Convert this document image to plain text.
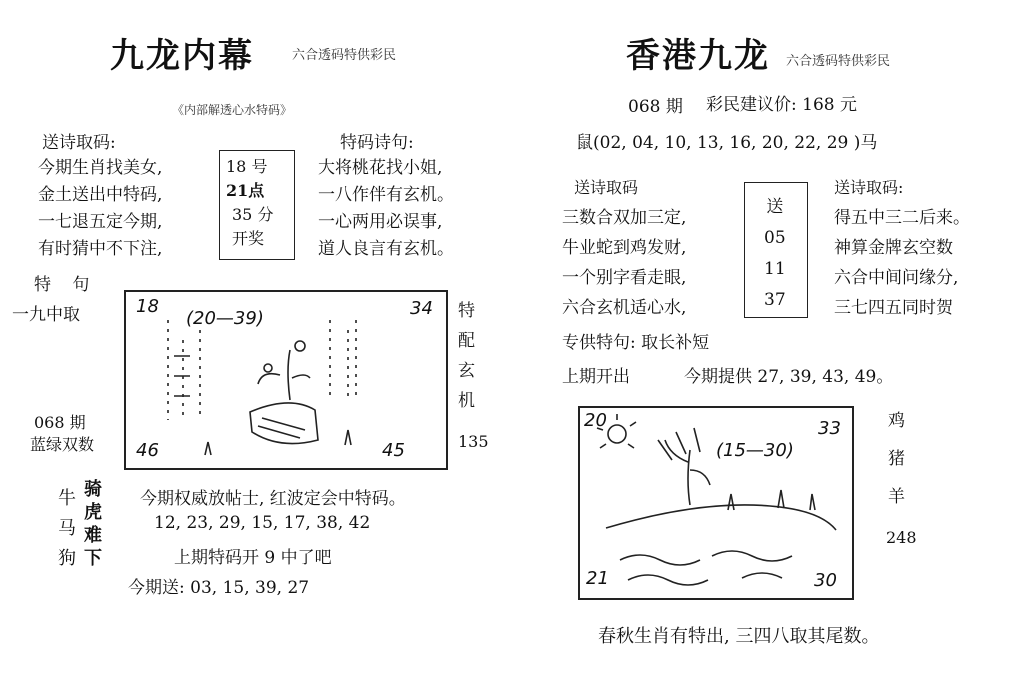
九龙内幕	六合透码特供彩民
《内部解透心水特码》
送诗取码:
今期生肖找美女,
金土送出中特码,
一七退五定今期,
有时猜中不下注,
18 号
21点
35 分
开奖
特码诗句:
大将桃花找小姐,
一八作伴有玄机。
一心两用必误事,
道人良言有玄机。
特 句
一九中取
068 期
蓝绿双数
18	34
46	45
(20—39)	特
配
玄
机
135
牛
马
狗
骑
虎
难
下
今期权威放帖士, 红波定会中特码。
12, 23, 29, 15, 17, 38, 42
上期特码开 9 中了吧
今期送: 03, 15, 39, 27
香港九龙 六合透码特供彩民
068 期 彩民建议价: 168 元
鼠(02, 04, 10, 13, 16, 20, 22, 29 )马
送诗取码	送诗取码:
三数合双加三定,
牛业蛇到鸡发财,
一个别字看走眼,
六合玄机适心水,
送
05
11
37
得五中三二后来。
神算金牌玄空数
六合中间问缘分,
三七四五同时贺
专供特句: 取长补短
上期开出	今期提供 27, 39, 43, 49。
20	33
21	30
(15—30)
鸡
猪
羊
248
春秋生肖有特出, 三四八取其尾数。
